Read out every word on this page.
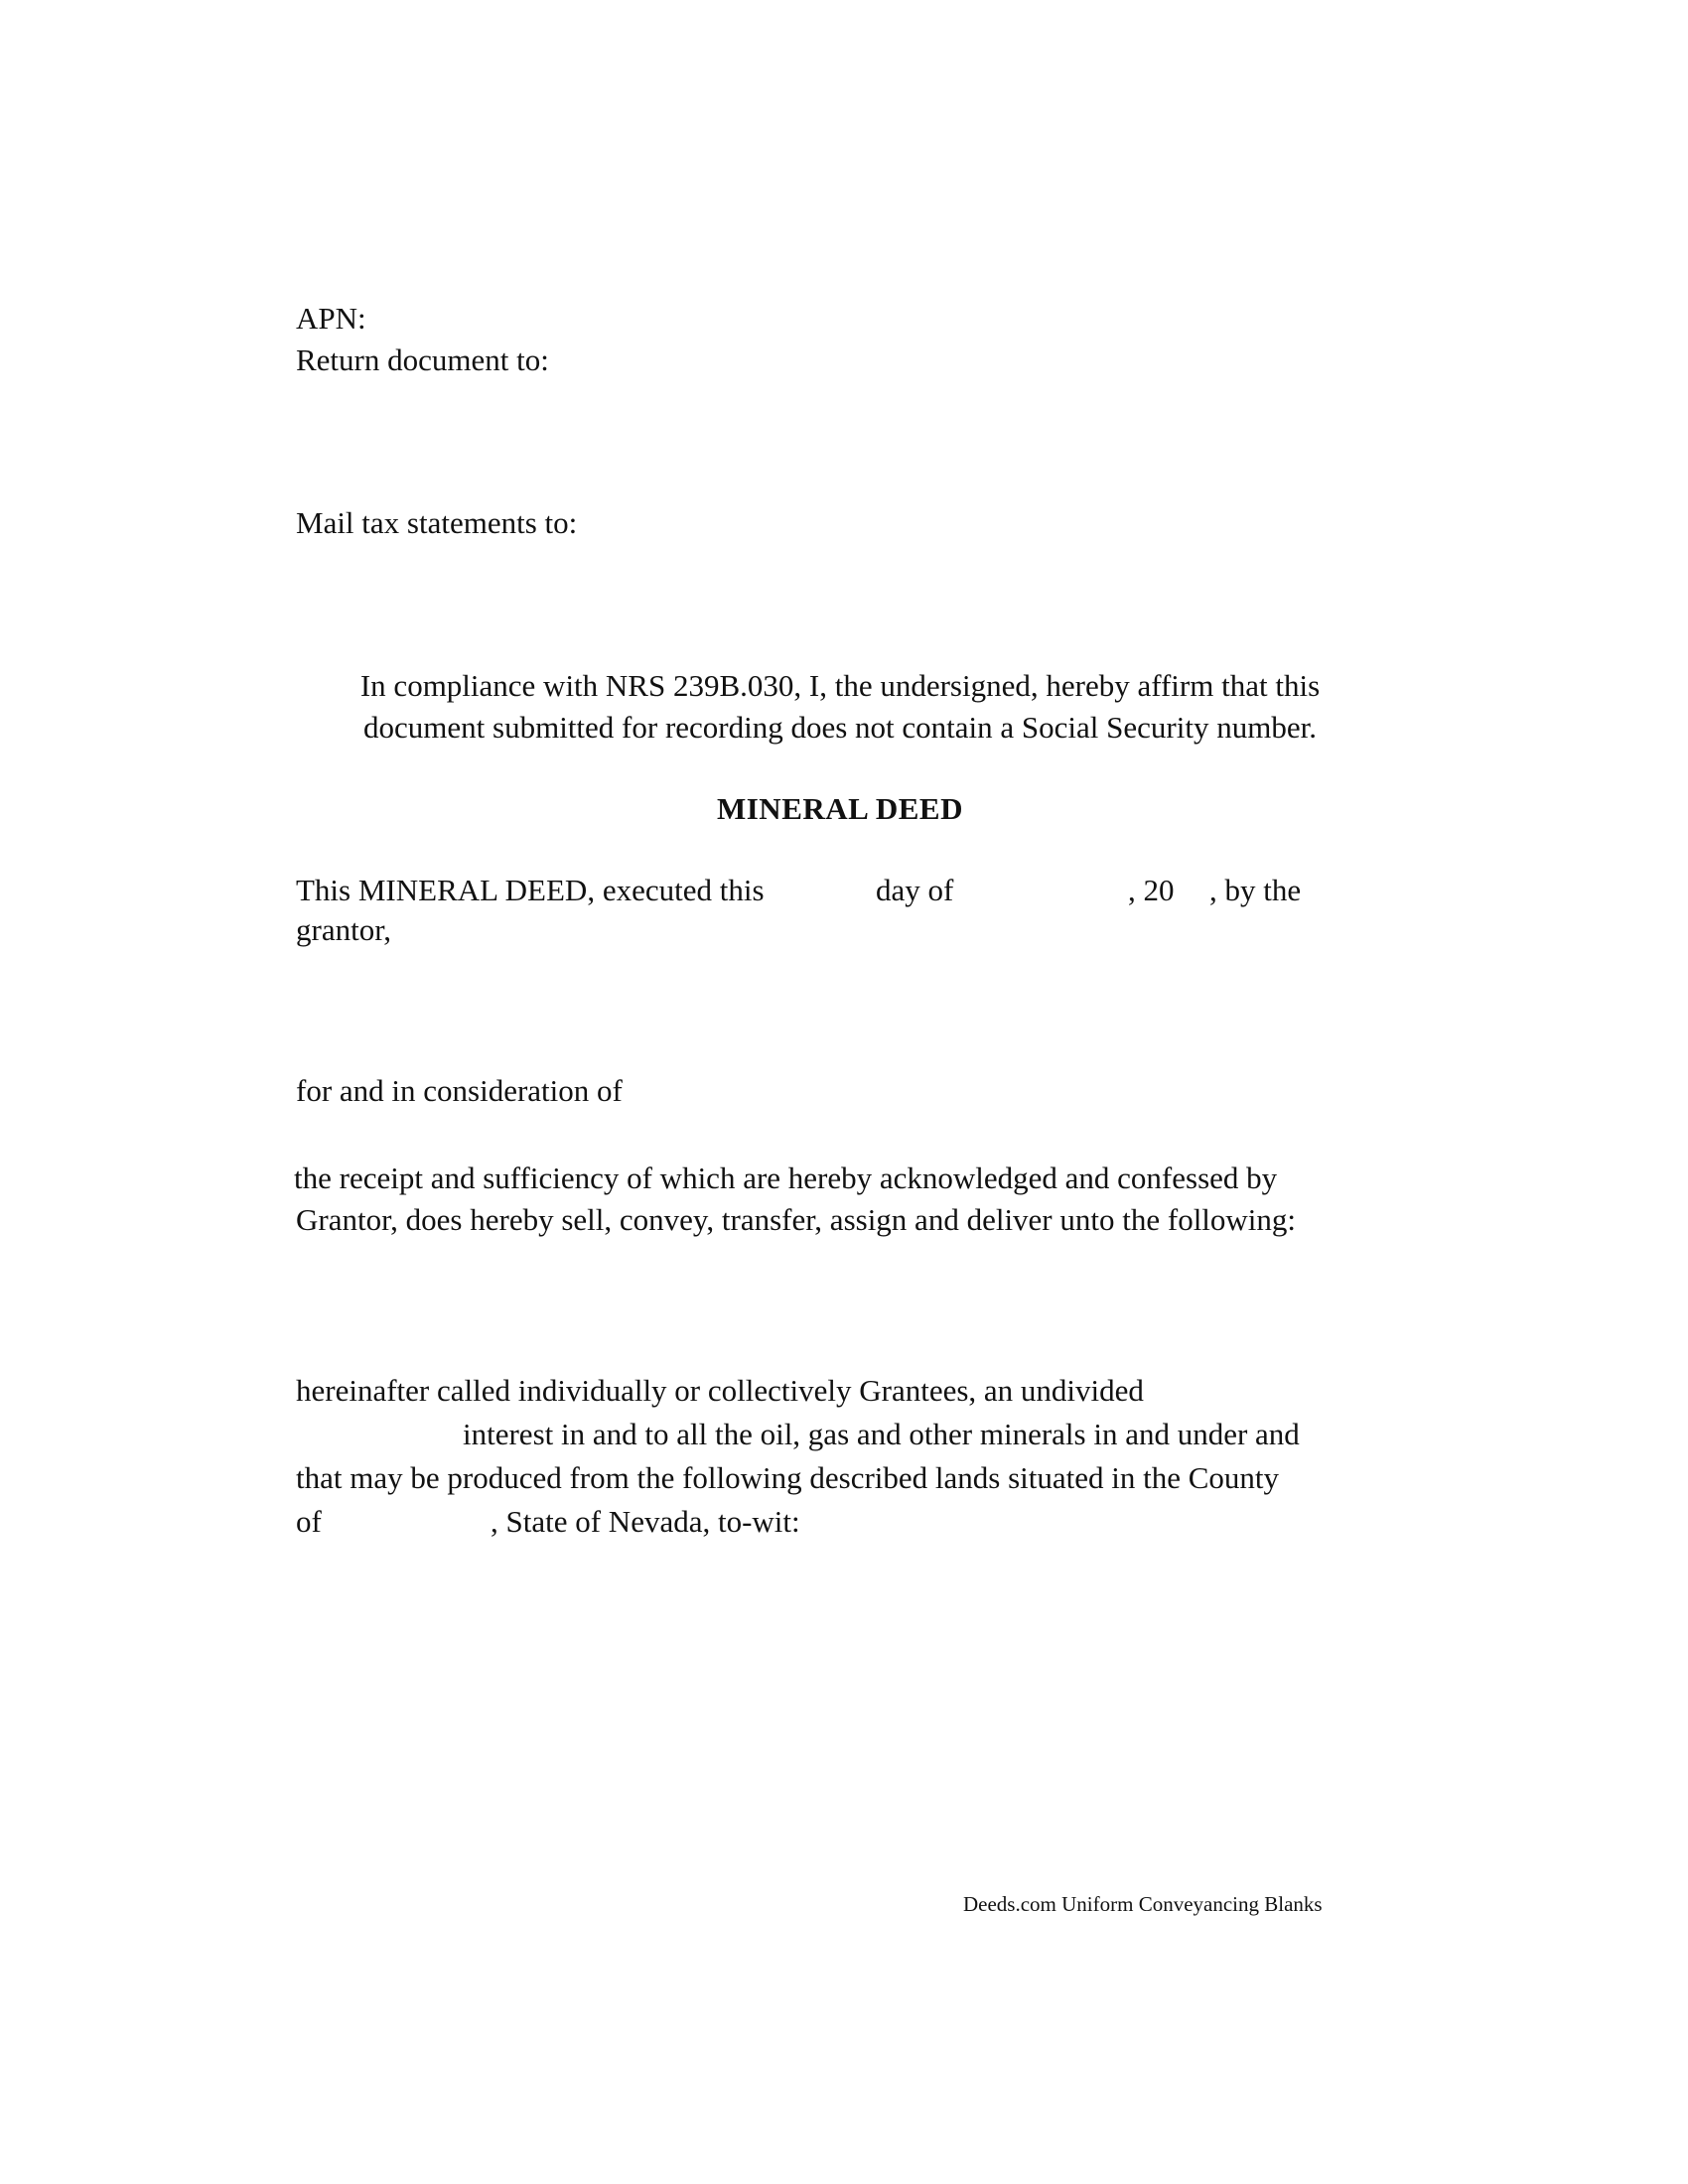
APN:
Return document to:
Mail tax statements to:
In compliance with NRS 239B.030, I, the undersigned, hereby affirm that this
document submitted for recording does not contain a Social Security number.
MINERAL DEED
This MINERAL DEED, executed this	day of	, 20 , by the
grantor,
for and in consideration of
the receipt and sufficiency of which are hereby acknowledged and confessed by
Grantor, does hereby sell, convey, transfer, assign and deliver unto the following:
hereinafter called individually or collectively Grantees, an undivided
interest in and to all the oil, gas and other minerals in and under and
that may be produced from the following described lands situated in the County
of	, State of Nevada, to-wit:
Deeds.com Uniform Conveyancing Blanks
